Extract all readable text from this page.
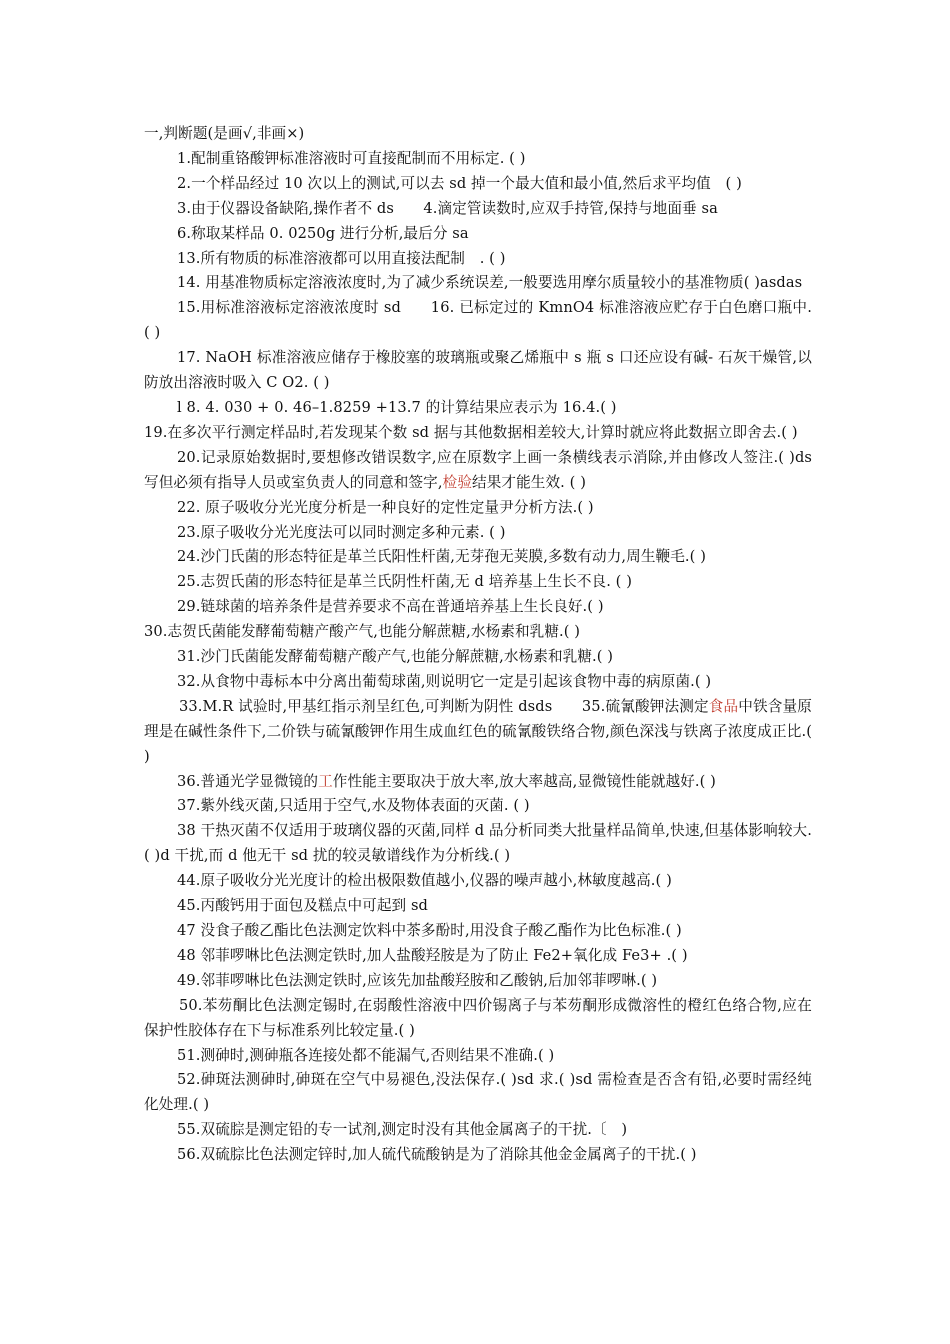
一,判断题(是画√,非画×)
1.配制重铬酸钾标准溶液时可直接配制而不用标定. ( )
2.一个样品经过 10 次以上的测试,可以去 sd 掉一个最大值和最小值,然后求平均值　( )
3.由于仪器设备缺陷,操作者不 ds　　4.滴定管读数时,应双手持管,保持与地面垂 sa
6.称取某样品 0. 0250g 进行分析,最后分 sa
13.所有物质的标准溶液都可以用直接法配制　. ( )
14. 用基准物质标定溶液浓度时,为了减少系统误差,一般要选用摩尔质量较小的基准物质( )asdas
15.用标准溶液标定溶液浓度时 sd　　16. 已标定过的 KmnO4 标准溶液应贮存于白色磨口瓶中. ( )
17. NaOH 标准溶液应储存于橡胶塞的玻璃瓶或聚乙烯瓶中 s 瓶 s 口还应设有碱- 石灰干燥管,以防放出溶液时吸入 C O2. ( )
l 8. 4. 030 + 0. 46–1.8259 +13.7 的计算结果应表示为 16.4.( )
19.在多次平行测定样品时,若发现某个数 sd 据与其他数据相差较大,计算时就应将此数据立即舍去.( )
20.记录原始数据时,要想修改错误数字,应在原数字上画一条横线表示消除,并由修改人签注.( )ds 写但必须有指导人员或室负责人的同意和签字,检验结果才能生效. ( )
22. 原子吸收分光光度分析是一种良好的定性定量尹分析方法.( )
23.原子吸收分光光度法可以同时测定多种元素. ( )
24.沙门氏菌的形态特征是革兰氏阳性杆菌,无芽孢无荚膜,多数有动力,周生鞭毛.( )
25.志贺氏菌的形态特征是革兰氏阴性杆菌,无 d 培养基上生长不良. ( )
29.链球菌的培养条件是营养要求不高在普通培养基上生长良好.( )
30.志贺氏菌能发酵葡萄糖产酸产气,也能分解蔗糖,水杨素和乳糖.( )
31.沙门氏菌能发酵葡萄糖产酸产气,也能分解蔗糖,水杨素和乳糖.( )
32.从食物中毒标本中分离出葡萄球菌,则说明它一定是引起该食物中毒的病原菌.( )
33.M.R 试验时,甲基红指示剂呈红色,可判断为阴性 dsds　　35.硫氰酸钾法测定食品中铁含量原理是在碱性条件下,二价铁与硫氰酸钾作用生成血红色的硫氰酸铁络合物,颜色深浅与铁离子浓度成正比.( )
36.普通光学显微镜的工作性能主要取决于放大率,放大率越高,显微镜性能就越好.( )
37.紫外线灭菌,只适用于空气,水及物体表面的灭菌. ( )
38 干热灭菌不仅适用于玻璃仪器的灭菌,同样 d 品分析同类大批量样品简单,快速,但基体影响较大.( )d 干扰,而 d 他无干 sd 扰的较灵敏谱线作为分析线.( )
44.原子吸收分光光度计的检出极限数值越小,仪器的噪声越小,林敏度越高.( )
45.丙酸钙用于面包及糕点中可起到 sd
47 没食子酸乙酯比色法测定饮料中茶多酚时,用没食子酸乙酯作为比色标准.( )
48 邻菲啰啉比色法测定铁时,加人盐酸羟胺是为了防止 Fe2+氧化成 Fe3+ .( )
49.邻菲啰啉比色法测定铁时,应该先加盐酸羟胺和乙酸钠,后加邻菲啰啉.( )
50.苯芴酮比色法测定锡时,在弱酸性溶液中四价锡离子与苯芴酮形成微溶性的橙红色络合物,应在保护性胶体存在下与标准系列比较定量.( )
51.测砷时,测砷瓶各连接处都不能漏气,否则结果不准确.( )
52.砷斑法测砷时,砷斑在空气中易褪色,没法保存.( )sd 求.( )sd 需检查是否含有铅,必要时需经纯化处理.( )
55.双硫腙是测定铅的专一试剂,测定时没有其他金属离子的干扰.〔　)
56.双硫腙比色法测定锌时,加人硫代硫酸钠是为了消除其他金金属离子的干扰.( )
